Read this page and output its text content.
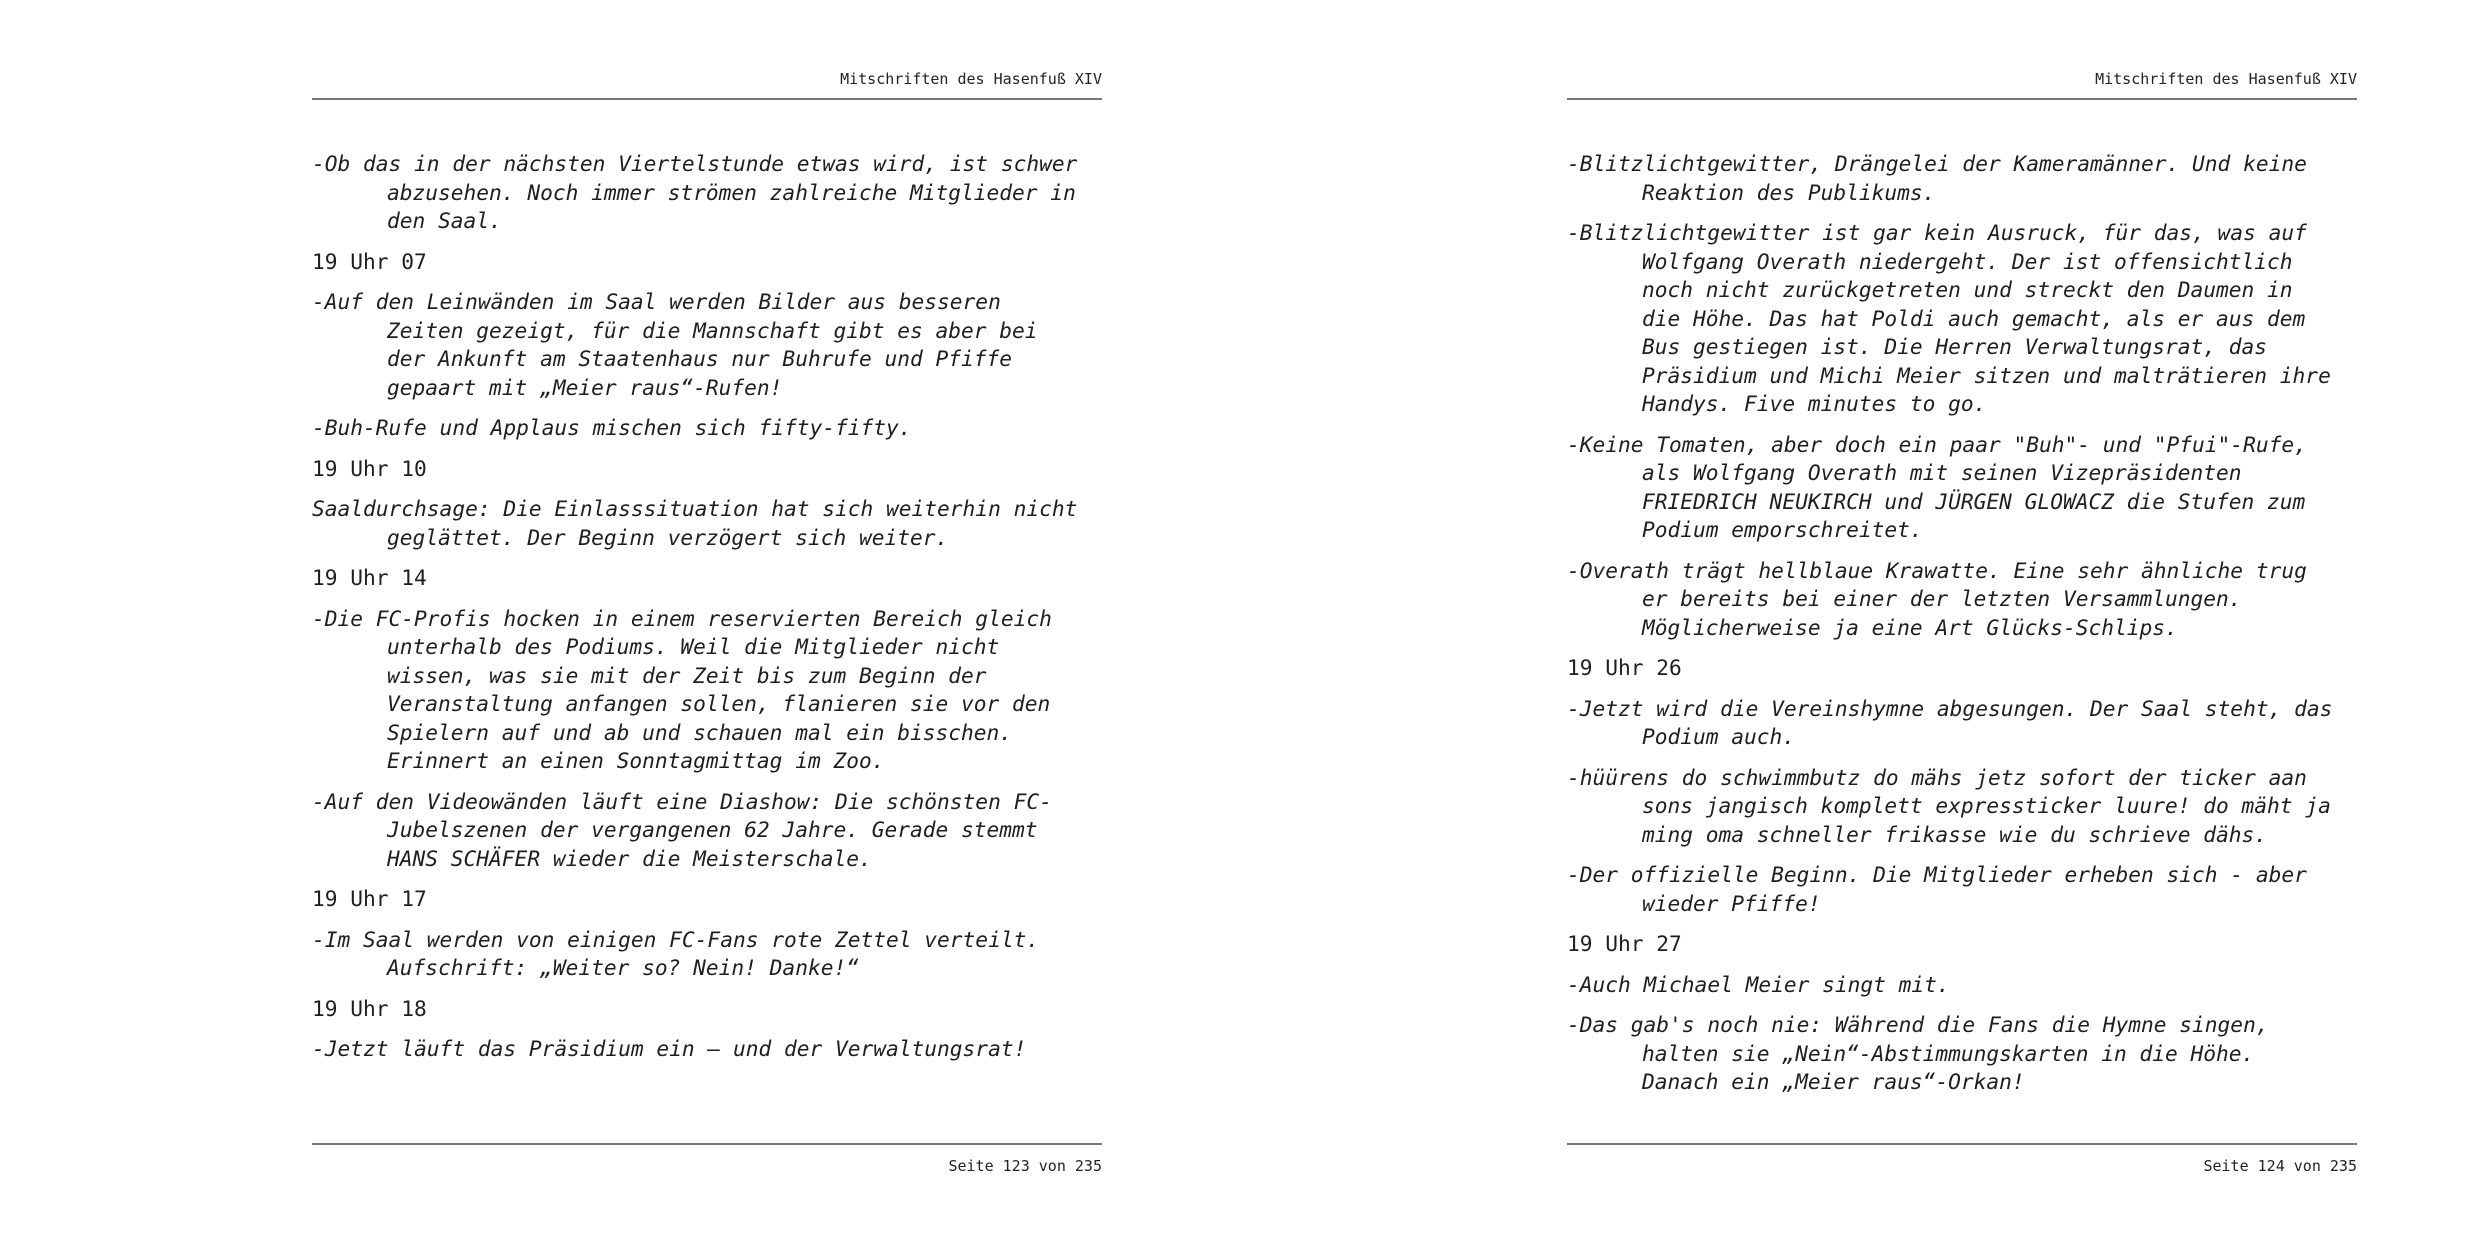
Mitschriften des Hasenfuß XIV

-Ob das in der nächsten Viertelstunde etwas wird, ist schwer
abzusehen. Noch immer strömen zahlreiche Mitglieder in
den Saal.

19 Uhr 07

-Auf den Leinwänden im Saal werden Bilder aus besseren
Zeiten gezeigt, für die Mannschaft gibt es aber bei
der Ankunft am Staatenhaus nur Buhrufe und Pfiffe
gepaart mit „Meier raus“-Rufen!

-Buh-Rufe und Applaus mischen sich fifty-fifty.

19 Uhr 10

Saaldurchsage: Die Einlasssituation hat sich weiterhin nicht
geglättet. Der Beginn verzögert sich weiter.

19 Uhr 14

-Die FC-Profis hocken in einem reservierten Bereich gleich
unterhalb des Podiums. Weil die Mitglieder nicht
wissen, was sie mit der Zeit bis zum Beginn der
Veranstaltung anfangen sollen, flanieren sie vor den
Spielern auf und ab und schauen mal ein bisschen.
Erinnert an einen Sonntagmittag im Zoo.

-Auf den Videowänden läuft eine Diashow: Die schönsten FC-
Jubelszenen der vergangenen 62 Jahre. Gerade stemmt
HANS SCHÄFER wieder die Meisterschale.

19 Uhr 17

-Im Saal werden von einigen FC-Fans rote Zettel verteilt.
Aufschrift: „Weiter so? Nein! Danke!“

19 Uhr 18

-Jetzt läuft das Präsidium ein – und der Verwaltungsrat!

Seite 123 von 235
Mitschriften des Hasenfuß XIV

-Blitzlichtgewitter, Drängelei der Kameramänner. Und keine
Reaktion des Publikums.

-Blitzlichtgewitter ist gar kein Ausruck, für das, was auf
Wolfgang Overath niedergeht. Der ist offensichtlich
noch nicht zurückgetreten und streckt den Daumen in
die Höhe. Das hat Poldi auch gemacht, als er aus dem
Bus gestiegen ist. Die Herren Verwaltungsrat, das
Präsidium und Michi Meier sitzen und malträtieren ihre
Handys. Five minutes to go.

-Keine Tomaten, aber doch ein paar "Buh"- und "Pfui"-Rufe,
als Wolfgang Overath mit seinen Vizepräsidenten
FRIEDRICH NEUKIRCH und JÜRGEN GLOWACZ die Stufen zum
Podium emporschreitet.

-Overath trägt hellblaue Krawatte. Eine sehr ähnliche trug
er bereits bei einer der letzten Versammlungen.
Möglicherweise ja eine Art Glücks-Schlips.

19 Uhr 26

-Jetzt wird die Vereinshymne abgesungen. Der Saal steht, das
Podium auch.

-hüürens do schwimmbutz do mähs jetz sofort der ticker aan
sons jangisch komplett expressticker luure! do mäht ja
ming oma schneller frikasse wie du schrieve dähs.

-Der offizielle Beginn. Die Mitglieder erheben sich - aber
wieder Pfiffe!

19 Uhr 27

-Auch Michael Meier singt mit.

-Das gab's noch nie: Während die Fans die Hymne singen,
halten sie „Nein“-Abstimmungskarten in die Höhe.
Danach ein „Meier raus“-Orkan!

Seite 124 von 235
